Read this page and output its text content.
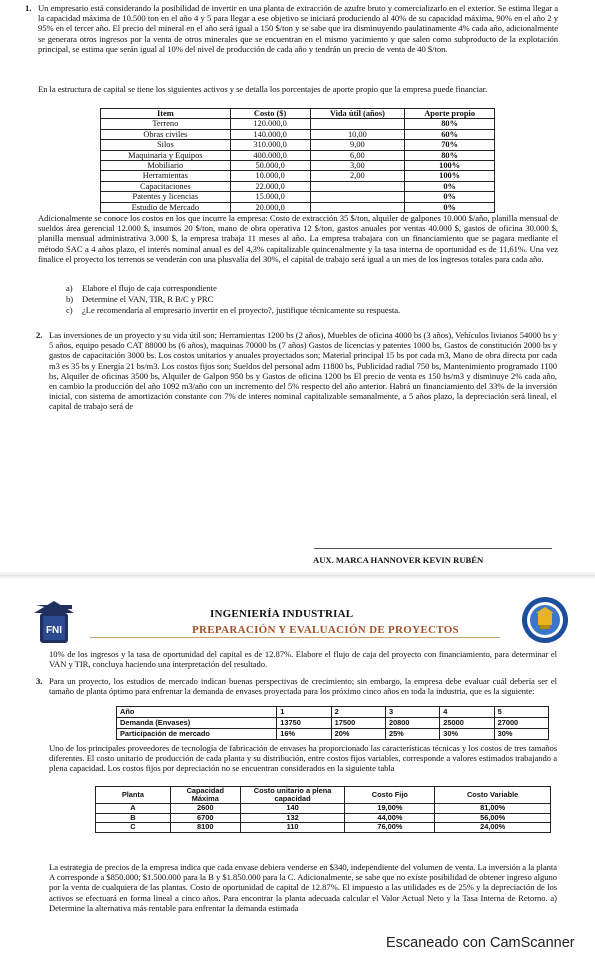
1. Un empresario está considerando la posibilidad de invertir en una planta de extracción de azufre bruto y comercializarlo en el exterior. Se estima llegar a la capacidad máxima de 10.500 ton en el año 4 y 5 para llegar a ese objetivo se iniciará produciendo al 40% de su capacidad máxima, 90% en el año 2 y 95% en el tercer año. El precio del mineral en el año será igual a 150 $/ton y se sabe que ira disminuyendo paulatinamente 4% cada año, adicionalmente se generara otros ingresos por la venta de otros minerales que se encuentran en el mismo yacimiento y que salen como subproducto de la explotación principal, se estima que serán igual al 10% del nivel de producción de cada año y tendrán un precio de venta de 40 $/ton.

En la estructura de capital se tiene los siguientes activos y se detalla los porcentajes de aporte propio que la empresa puede financiar.

Item	Costo ($)	Vida útil (años)	Aporte propio
Terreno	120.000,0		80%
Obras civiles	140.000,0	10,00	60%
Silos	310.000,0	9,00	70%
Maquinaria y Equipos	400.000,0	6,00	80%
Mobiliario	50.000,0	3,00	100%
Herramientas	10.000,0	2,00	100%
Capacitaciones	22.000,0		0%
Patentes y licencias	15.000,0		0%
Estudio de Mercado	20.000,0		0%

Adicionalmente se conoce los costos en los que incurre la empresa: Costo de extracción 35 $/ton, alquiler de galpones 10.000 $/año, planilla mensual de sueldos área gerencial 12.000 $, insumos 20 $/ton, mano de obra operativa 12 $/ton, gastos anuales por ventas 40.000 $, gastos de oficina 30.000 $, planilla mensual administrativa 3.000 $, la empresa trabaja 11 meses al año. La empresa trabajara con un financiamiento que se pagara mediante el método SAC a 4 años plazo, el interés nominal anual es del 4,3% capitalizable quincenalmente y la tasa interna de oportunidad es de 11,61%. Una vez finalice el proyecto los terrenos se venderán con una plusvalía del 30%, el capital de trabajo será igual a un mes de los ingresos totales para cada año.

a) Elabore el flujo de caja correspondiente

b) Determine el VAN, TIR, R B/C y PRC

c) ¿Le recomendaría al empresario invertir en el proyecto?, justifique técnicamente su respuesta.

2. Las inversiones de un proyecto y su vida útil son; Herramientas 1200 bs (2 años), Muebles de oficina 4000 bs (3 años), Vehículos livianos 54000 bs y 5 años, equipo pesado CAT 88000 bs (6 años), maquinas 70000 bs (7 años) Gastos de licencias y patentes 1000 bs, Gastos de constitución 2000 bs y gastos de capacitación 3000 bs. Los costos unitarios y anuales proyectados son; Material principal 15 bs por cada m3, Mano de obra directa por cada m3 es 35 bs y Energía 21 bs/m3. Los costos fijos son; Sueldos del personal adm 11800 bs, Publicidad radial 750 bs, Mantenimiento programado 1100 bs, Alquiler de oficinas 3500 bs, Alquiler de Galpon 950 bs y Gastos de oficina 1200 bs El precio de venta es 150 bs/m3 y disminuye 2% cada año, en cambio la producción del año 1092 m3/año con un incremento del 5% respecto del año anterior. Habrá un financiamiento del 33% de la inversión inicial, con sistema de amortización constante con 7% de interes nominal capitalizable semanalmente, a 5 años plazo, la depreciación será lineal, el capital de trabajo será de

AUX. MARCA HANNOVER KEVIN RUBÉN
FNI
INGENIERÍA INDUSTRIAL
PREPARACIÓN Y EVALUACIÓN DE PROYECTOS

10% de los ingresos y la tasa de oportunidad del capital es de 12.87%. Elabore el flujo de caja del proyecto con financiamiento, para determinar el VAN y TIR, concluya haciendo una interpretación del resultado.

3. Para un proyecto, los estudios de mercado indican buenas perspectivas de crecimiento; sin embargo, la empresa debe evaluar cuál debería ser el tamaño de planta óptimo para enfrentar la demanda de envases proyectada para los próximo cinco años en toda la industria, que es la siguiente:

Año	1	2	3	4	5
Demanda (Envases)	13750	17500	20800	25000	27000
Participación de mercado	16%	20%	25%	30%	30%

Uno de los principales proveedores de tecnología de fabricación de envases ha proporcionado las características técnicas y los costos de tres tamaños diferentes. El costo unitario de producción de cada planta y su distribución, entre costos fijos variables, corresponde a valores estimados trabajando a plena capacidad. Los costos fijos por depreciación no se encuentran considerados en la siguiente tabla

Planta	Capacidad Máxima	Costo unitario a plena capacidad	Costo Fijo	Costo Variable
A	2600	140	19,00%	81,00%
B	6700	132	44,00%	56,00%
C	8100	110	76,00%	24,00%

La estrategia de precios de la empresa indica que cada envase debiera venderse en $340, independiente del volumen de venta. La inversión a la planta A corresponde a $850.000; $1.500.000 para la B y $1.850.000 para la C. Adicionalmente, se sabe que no existe posibilidad de obtener ingreso alguno por la venta de cualquiera de las plantas. Costo de oportunidad de capital de 12.87%. El impuesto a las utilidades es de 25% y la depreciación de los activos se efectuará en forma lineal a cinco años. Para encontrar la planta adecuada calcular el Valor Actual Neto y la Tasa Interna de Retorno. a) Determine la alternativa más rentable para enfrentar la demanda estimada

Escaneado con CamScanner
